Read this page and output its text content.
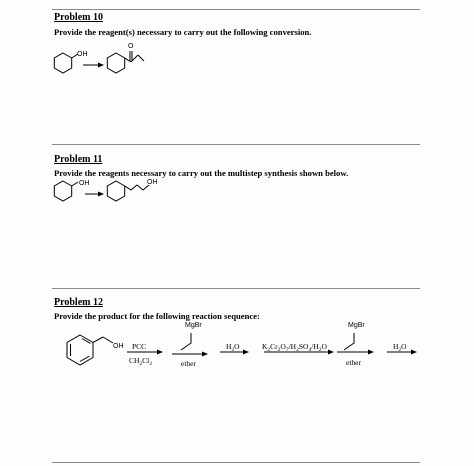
Problem 10
Provide the reagent(s) necessary to carry out the following conversion.
OH
O
Problem 11
Provide the reagents necessary to carry out the multistep synthesis shown below.
OH	OH
Problem 12
Provide the product for the following reaction sequence:
OH PCC
$CH_2Cl_2$
MgBr
ether
$H_2O$	$K_2Cr_2O_7/H_2SO_4/H_2O$
MgBr
ether
$H_2O$
